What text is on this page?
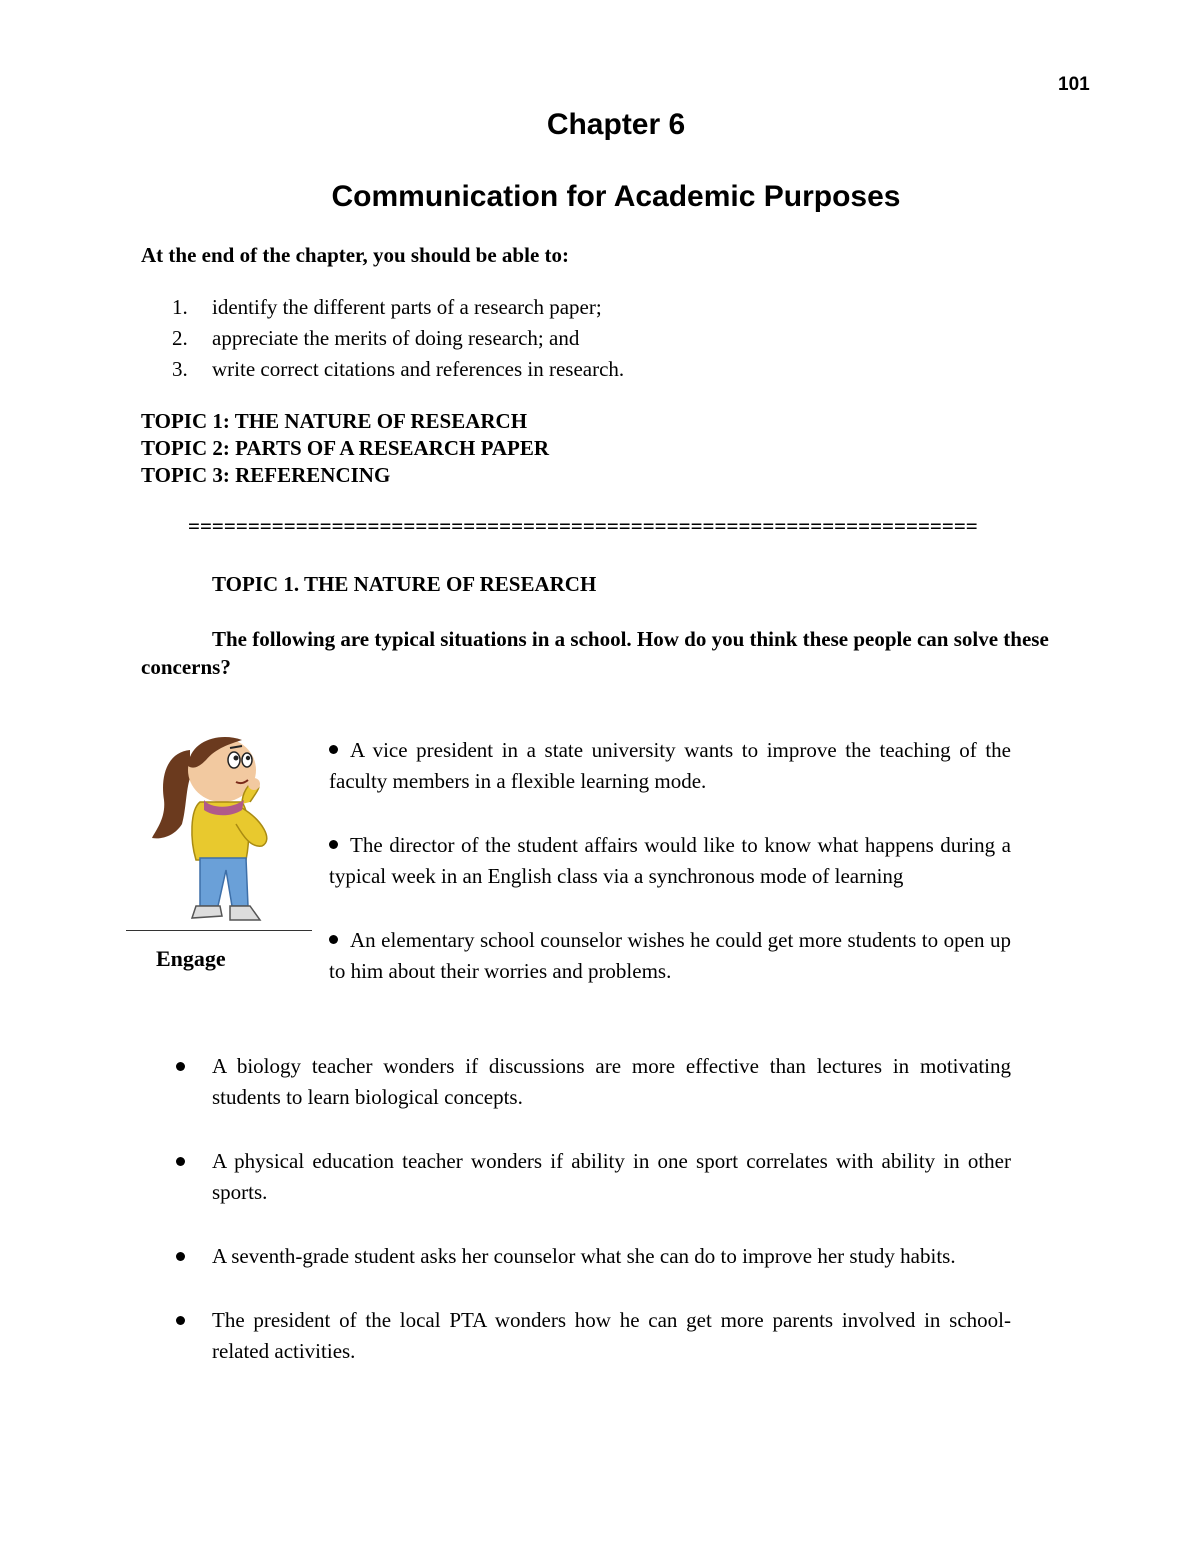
101
Chapter 6
Communication for Academic Purposes
At the end of the chapter, you should be able to:
1.	identify the different parts of a research paper;
2.	appreciate the merits of doing research; and
3.	write correct citations and references in research.
TOPIC 1: THE NATURE OF RESEARCH
TOPIC 2: PARTS OF A RESEARCH PAPER
TOPIC 3: REFERENCING
==================================================================
TOPIC 1. THE NATURE OF RESEARCH
The following are typical situations in a school. How do you think these people can solve these concerns?
Engage

A vice president in a state university wants to improve the teaching of the faculty members in a flexible learning mode.

The director of the student affairs would like to know what happens during a typical week in an English class via a synchronous mode of learning

An elementary school counselor wishes he could get more students to open up to him about their worries and problems.

A biology teacher wonders if discussions are more effective than lectures in motivating students to learn biological concepts.
A physical education teacher wonders if ability in one sport correlates with ability in other sports.
A seventh-grade student asks her counselor what she can do to improve her study habits.
The president of the local PTA wonders how he can get more parents involved in school-related activities.
